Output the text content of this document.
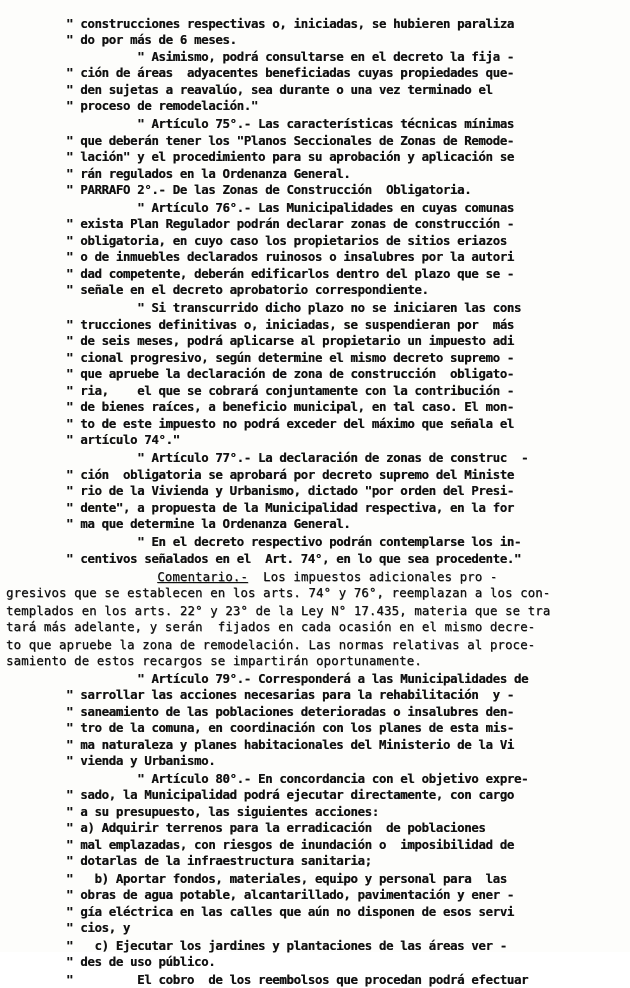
" construcciones respectivas o, iniciadas, se hubieren paraliza
" do por más de 6 meses.
" Asimismo, podrá consultarse en el decreto la fija -
" ción de áreas  adyacentes beneficiadas cuyas propiedades que-
" den sujetas a reavalúo, sea durante o una vez terminado el
" proceso de remodelación."
" Artículo 75°.- Las características técnicas mínimas
" que deberán tener los "Planos Seccionales de Zonas de Remode-
" lación" y el procedimiento para su aprobación y aplicación se
" rán regulados en la Ordenanza General.
" PARRAFO 2°.- De las Zonas de Construcción  Obligatoria.
" Artículo 76°.- Las Municipalidades en cuyas comunas
" exista Plan Regulador podrán declarar zonas de construcción -
" obligatoria, en cuyo caso los propietarios de sitios eriazos
" o de inmuebles declarados ruinosos o insalubres por la autori
" dad competente, deberán edificarlos dentro del plazo que se -
" señale en el decreto aprobatorio correspondiente.
" Si transcurrido dicho plazo no se iniciaren las cons
" trucciones definitivas o, iniciadas, se suspendieran por  más
" de seis meses, podrá aplicarse al propietario un impuesto adi
" cional progresivo, según determine el mismo decreto supremo -
" que apruebe la declaración de zona de construcción  obligato-
" ria,    el que se cobrará conjuntamente con la contribución -
" de bienes raíces, a beneficio municipal, en tal caso. El mon-
" to de este impuesto no podrá exceder del máximo que señala el
" artículo 74°."
" Artículo 77°.- La declaración de zonas de construc  -
" ción  obligatoria se aprobará por decreto supremo del Ministe
" rio de la Vivienda y Urbanismo, dictado "por orden del Presi-
" dente", a propuesta de la Municipalidad respectiva, en la for
" ma que determine la Ordenanza General.
" En el decreto respectivo podrán contemplarse los in-
" centivos señalados en el  Art. 74°, en lo que sea procedente."
Comentario.-  Los impuestos adicionales pro -
gresivos que se establecen en los arts. 74° y 76°, reemplazan a los con-
templados en los arts. 22° y 23° de la Ley N° 17.435, materia que se tra
tará más adelante, y serán  fijados en cada ocasión en el mismo decre-
to que apruebe la zona de remodelación. Las normas relativas al proce-
samiento de estos recargos se impartirán oportunamente.
" Artículo 79°.- Corresponderá a las Municipalidades de
" sarrollar las acciones necesarias para la rehabilitación  y -
" saneamiento de las poblaciones deterioradas o insalubres den-
" tro de la comuna, en coordinación con los planes de esta mis-
" ma naturaleza y planes habitacionales del Ministerio de la Vi
" vienda y Urbanismo.
" Artículo 80°.- En concordancia con el objetivo expre-
" sado, la Municipalidad podrá ejecutar directamente, con cargo
" a su presupuesto, las siguientes acciones:
" a) Adquirir terrenos para la erradicación  de poblaciones
" mal emplazadas, con riesgos de inundación o  imposibilidad de
" dotarlas de la infraestructura sanitaria;
"   b) Aportar fondos, materiales, equipo y personal para  las
" obras de agua potable, alcantarillado, pavimentación y ener -
" gía eléctrica en las calles que aún no disponen de esos servi
" cios, y
"   c) Ejecutar los jardines y plantaciones de las áreas ver -
" des de uso público.
"         El cobro  de los reembolsos que procedan podrá efectuar
